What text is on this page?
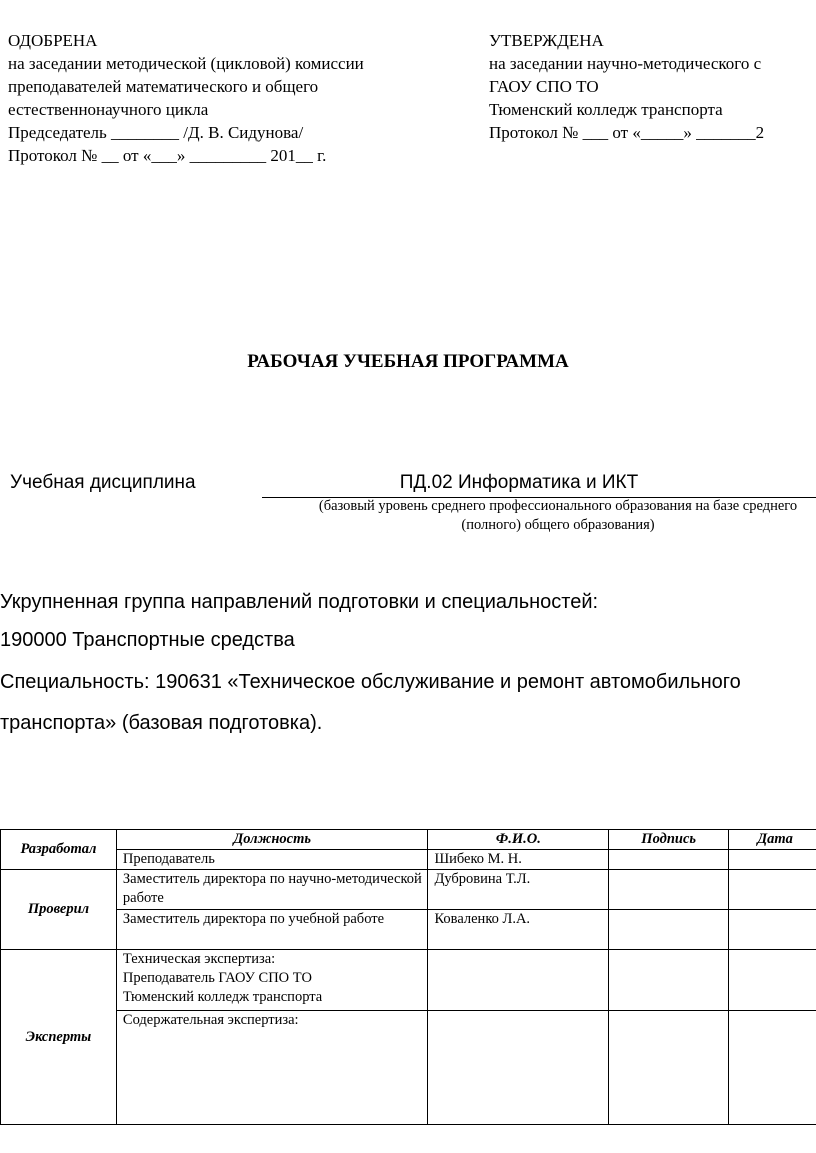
ОДОБРЕНА
на заседании методической (цикловой) комиссии
преподавателей математического и общего
естественнонаучного цикла
Председатель ________ /Д. В. Сидунова/
Протокол № __ от «___» _________ 201__ г.
УТВЕРЖДЕНА
на заседании научно-методического с
ГАОУ СПО ТО
Тюменский колледж транспорта
Протокол № ___ от «_____» _______2
РАБОЧАЯ УЧЕБНАЯ ПРОГРАММА
Учебная дисциплина	ПД.02 Информатика и ИКТ
(базовый уровень среднего профессионального образования на базе среднего
(полного) общего образования)
Укрупненная группа направлений подготовки и специальностей:
190000 Транспортные средства
Специальность: 190631 «Техническое обслуживание и ремонт автомобильного
транспорта» (базовая подготовка).
Разработал	Должность	Ф.И.О.	Подпись	Дата
	Преподаватель	Шибеко М. Н.		
Проверил	Заместитель директора по научно-методической работе	Дубровина Т.Л.		
	Заместитель директора по учебной работе	Коваленко Л.А.		
Эксперты	Техническая экспертиза:
Преподаватель ГАОУ СПО ТО
Тюменский колледж транспорта			

	Содержательная экспертиза:			
